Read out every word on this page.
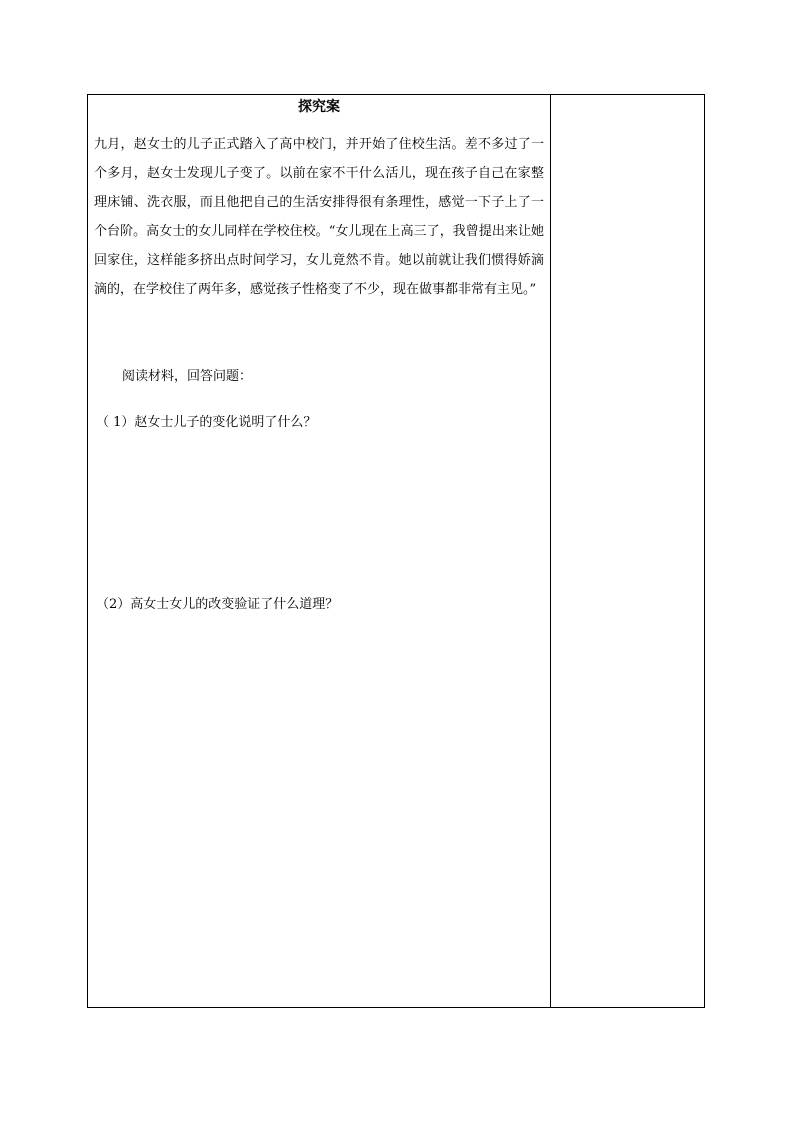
探究案

九月，赵女士的儿子正式踏入了高中校门，并开始了住校生活。差不多过了一个多月，赵女士发现儿子变了。以前在家不干什么活儿，现在孩子自己在家整理床铺、洗衣服，而且他把自己的生活安排得很有条理性，感觉一下子上了一个台阶。高女士的女儿同样在学校住校。“女儿现在上高三了，我曾提出来让她回家住，这样能多挤出点时间学习，女儿竟然不肯。她以前就让我们惯得娇滴滴的，在学校住了两年多，感觉孩子性格变了不少，现在做事都非常有主见。”

阅读材料，回答问题：

（ 1）赵女士儿子的变化说明了什么？

（2）高女士女儿的改变验证了什么道理？
